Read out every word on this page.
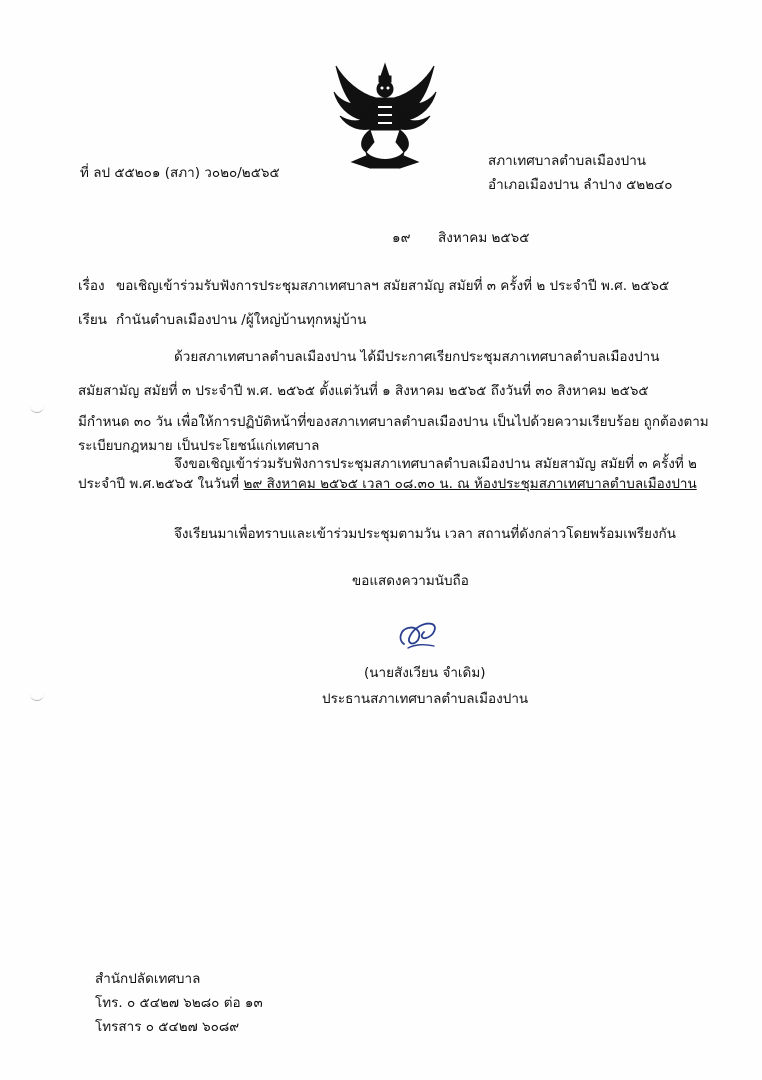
ที่ ลป ๕๕๒๐๑ (สภา) ว๐๒๐/๒๕๖๕
สภาเทศบาลตำบลเมืองปาน
อำเภอเมืองปาน ลำปาง ๕๒๒๔๐
๑๙ สิงหาคม ๒๕๖๕
เรื่อง ขอเชิญเข้าร่วมรับฟังการประชุมสภาเทศบาลฯ สมัยสามัญ สมัยที่ ๓ ครั้งที่ ๒ ประจำปี พ.ศ. ๒๕๖๕
เรียน กำนันตำบลเมืองปาน /ผู้ใหญ่บ้านทุกหมู่บ้าน
ด้วยสภาเทศบาลตำบลเมืองปาน ได้มีประกาศเรียกประชุมสภาเทศบาลตำบลเมืองปาน
สมัยสามัญ สมัยที่ ๓ ประจำปี พ.ศ. ๒๕๖๕ ตั้งแต่วันที่ ๑ สิงหาคม ๒๕๖๕ ถึงวันที่ ๓๐ สิงหาคม ๒๕๖๕
มีกำหนด ๓๐ วัน เพื่อให้การปฏิบัติหน้าที่ของสภาเทศบาลตำบลเมืองปาน เป็นไปด้วยความเรียบร้อย ถูกต้องตาม
ระเบียบกฎหมาย เป็นประโยชน์แก่เทศบาล
จึงขอเชิญเข้าร่วมรับฟังการประชุมสภาเทศบาลตำบลเมืองปาน สมัยสามัญ สมัยที่ ๓ ครั้งที่ ๒
ประจำปี พ.ศ.๒๕๖๕ ในวันที่ ๒๙ สิงหาคม ๒๕๖๕ เวลา ๐๘.๓๐ น. ณ ห้องประชุมสภาเทศบาลตำบลเมืองปาน
จึงเรียนมาเพื่อทราบและเข้าร่วมประชุมตามวัน เวลา สถานที่ดังกล่าวโดยพร้อมเพรียงกัน
ขอแสดงความนับถือ
(นายสังเวียน จำเดิม)
ประธานสภาเทศบาลตำบลเมืองปาน
สำนักปลัดเทศบาล
โทร. ๐ ๕๔๒๗ ๖๒๘๐ ต่อ ๑๓
โทรสาร ๐ ๕๔๒๗ ๖๐๘๙
